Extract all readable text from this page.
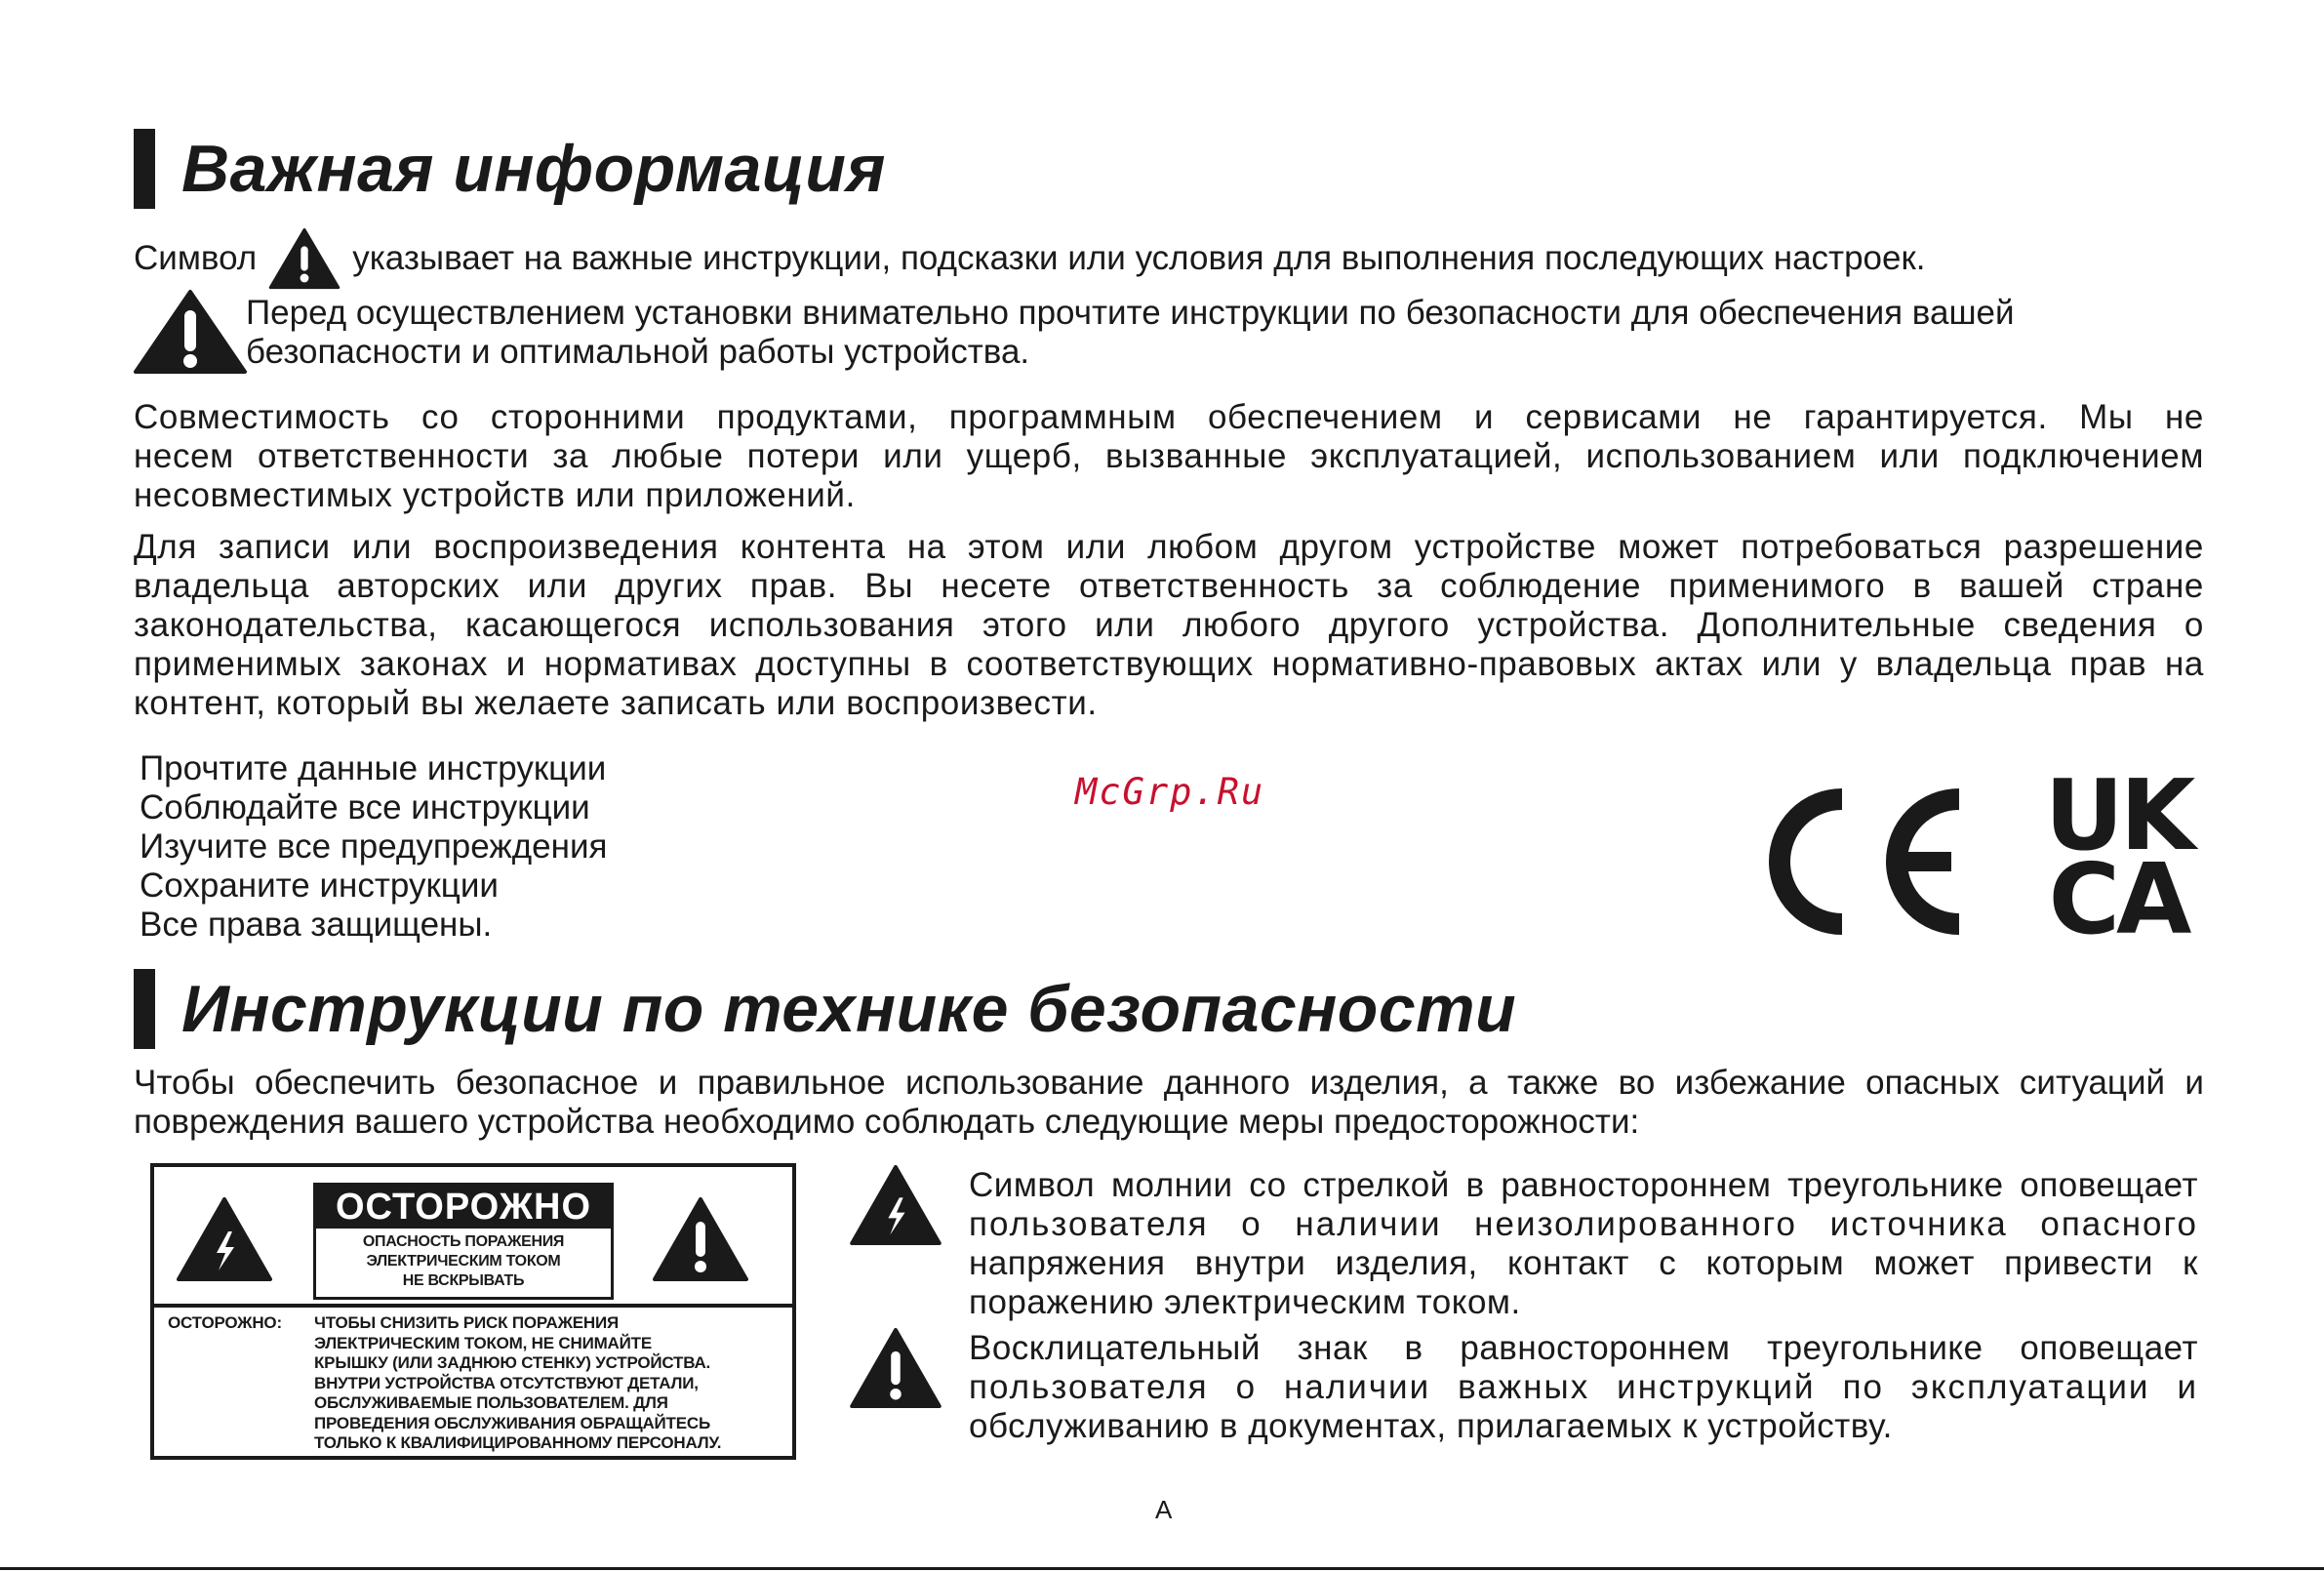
Важная информация
Символ	указывает на важные инструкции, подсказки или условия для выполнения последующих настроек.
Перед осуществлением установки внимательно прочтите инструкции по безопасности для обеспечения вашей
безопасности и оптимальной работы устройства.
Совместимость со сторонними продуктами, программным обеспечением и сервисами не гарантируется. Мы не
несем ответственности за любые потери или ущерб, вызванные эксплуатацией, использованием или подключением
несовместимых устройств или приложений.
Для записи или воспроизведения контента на этом или любом другом устройстве может потребоваться разрешение
владельца авторских или других прав. Вы несете ответственность за соблюдение применимого в вашей стране
законодательства, касающегося использования этого или любого другого устройства. Дополнительные сведения о
применимых законах и нормативах доступны в соответствующих нормативно-правовых актах или у владельца прав на
контент, который вы желаете записать или воспроизвести.
Прочтите данные инструкции
Соблюдайте все инструкции
Изучите все предупреждения
Сохраните инструкции
Все права защищены.
McGrp.Ru	UK
CA
Инструкции по технике безопасности
Чтобы обеспечить безопасное и правильное использование данного изделия, а также во избежание опасных ситуаций и
повреждения вашего устройства необходимо соблюдать следующие меры предосторожности:
ОСТОРОЖНО
ОПАСНОСТЬ ПОРАЖЕНИЯ
ЭЛЕКТРИЧЕСКИМ ТОКОМ
НЕ ВСКРЫВАТЬ
ОСТОРОЖНО:	ЧТОБЫ СНИЗИТЬ РИСК ПОРАЖЕНИЯ
ЭЛЕКТРИЧЕСКИМ ТОКОМ, НЕ СНИМАЙТЕ
КРЫШКУ (ИЛИ ЗАДНЮЮ СТЕНКУ) УСТРОЙСТВА.
ВНУТРИ УСТРОЙСТВА ОТСУТСТВУЮТ ДЕТАЛИ,
ОБСЛУЖИВАЕМЫЕ ПОЛЬЗОВАТЕЛЕМ. ДЛЯ
ПРОВЕДЕНИЯ ОБСЛУЖИВАНИЯ ОБРАЩАЙТЕСЬ
ТОЛЬКО К КВАЛИФИЦИРОВАННОМУ ПЕРСОНАЛУ.
Символ молнии со стрелкой в равностороннем треугольнике оповещает
пользователя о наличии неизолированного источника опасного
напряжения внутри изделия, контакт с которым может привести к
поражению электрическим током.
Восклицательный знак в равностороннем треугольнике оповещает
пользователя о наличии важных инструкций по эксплуатации и
обслуживанию в документах, прилагаемых к устройству.
A
